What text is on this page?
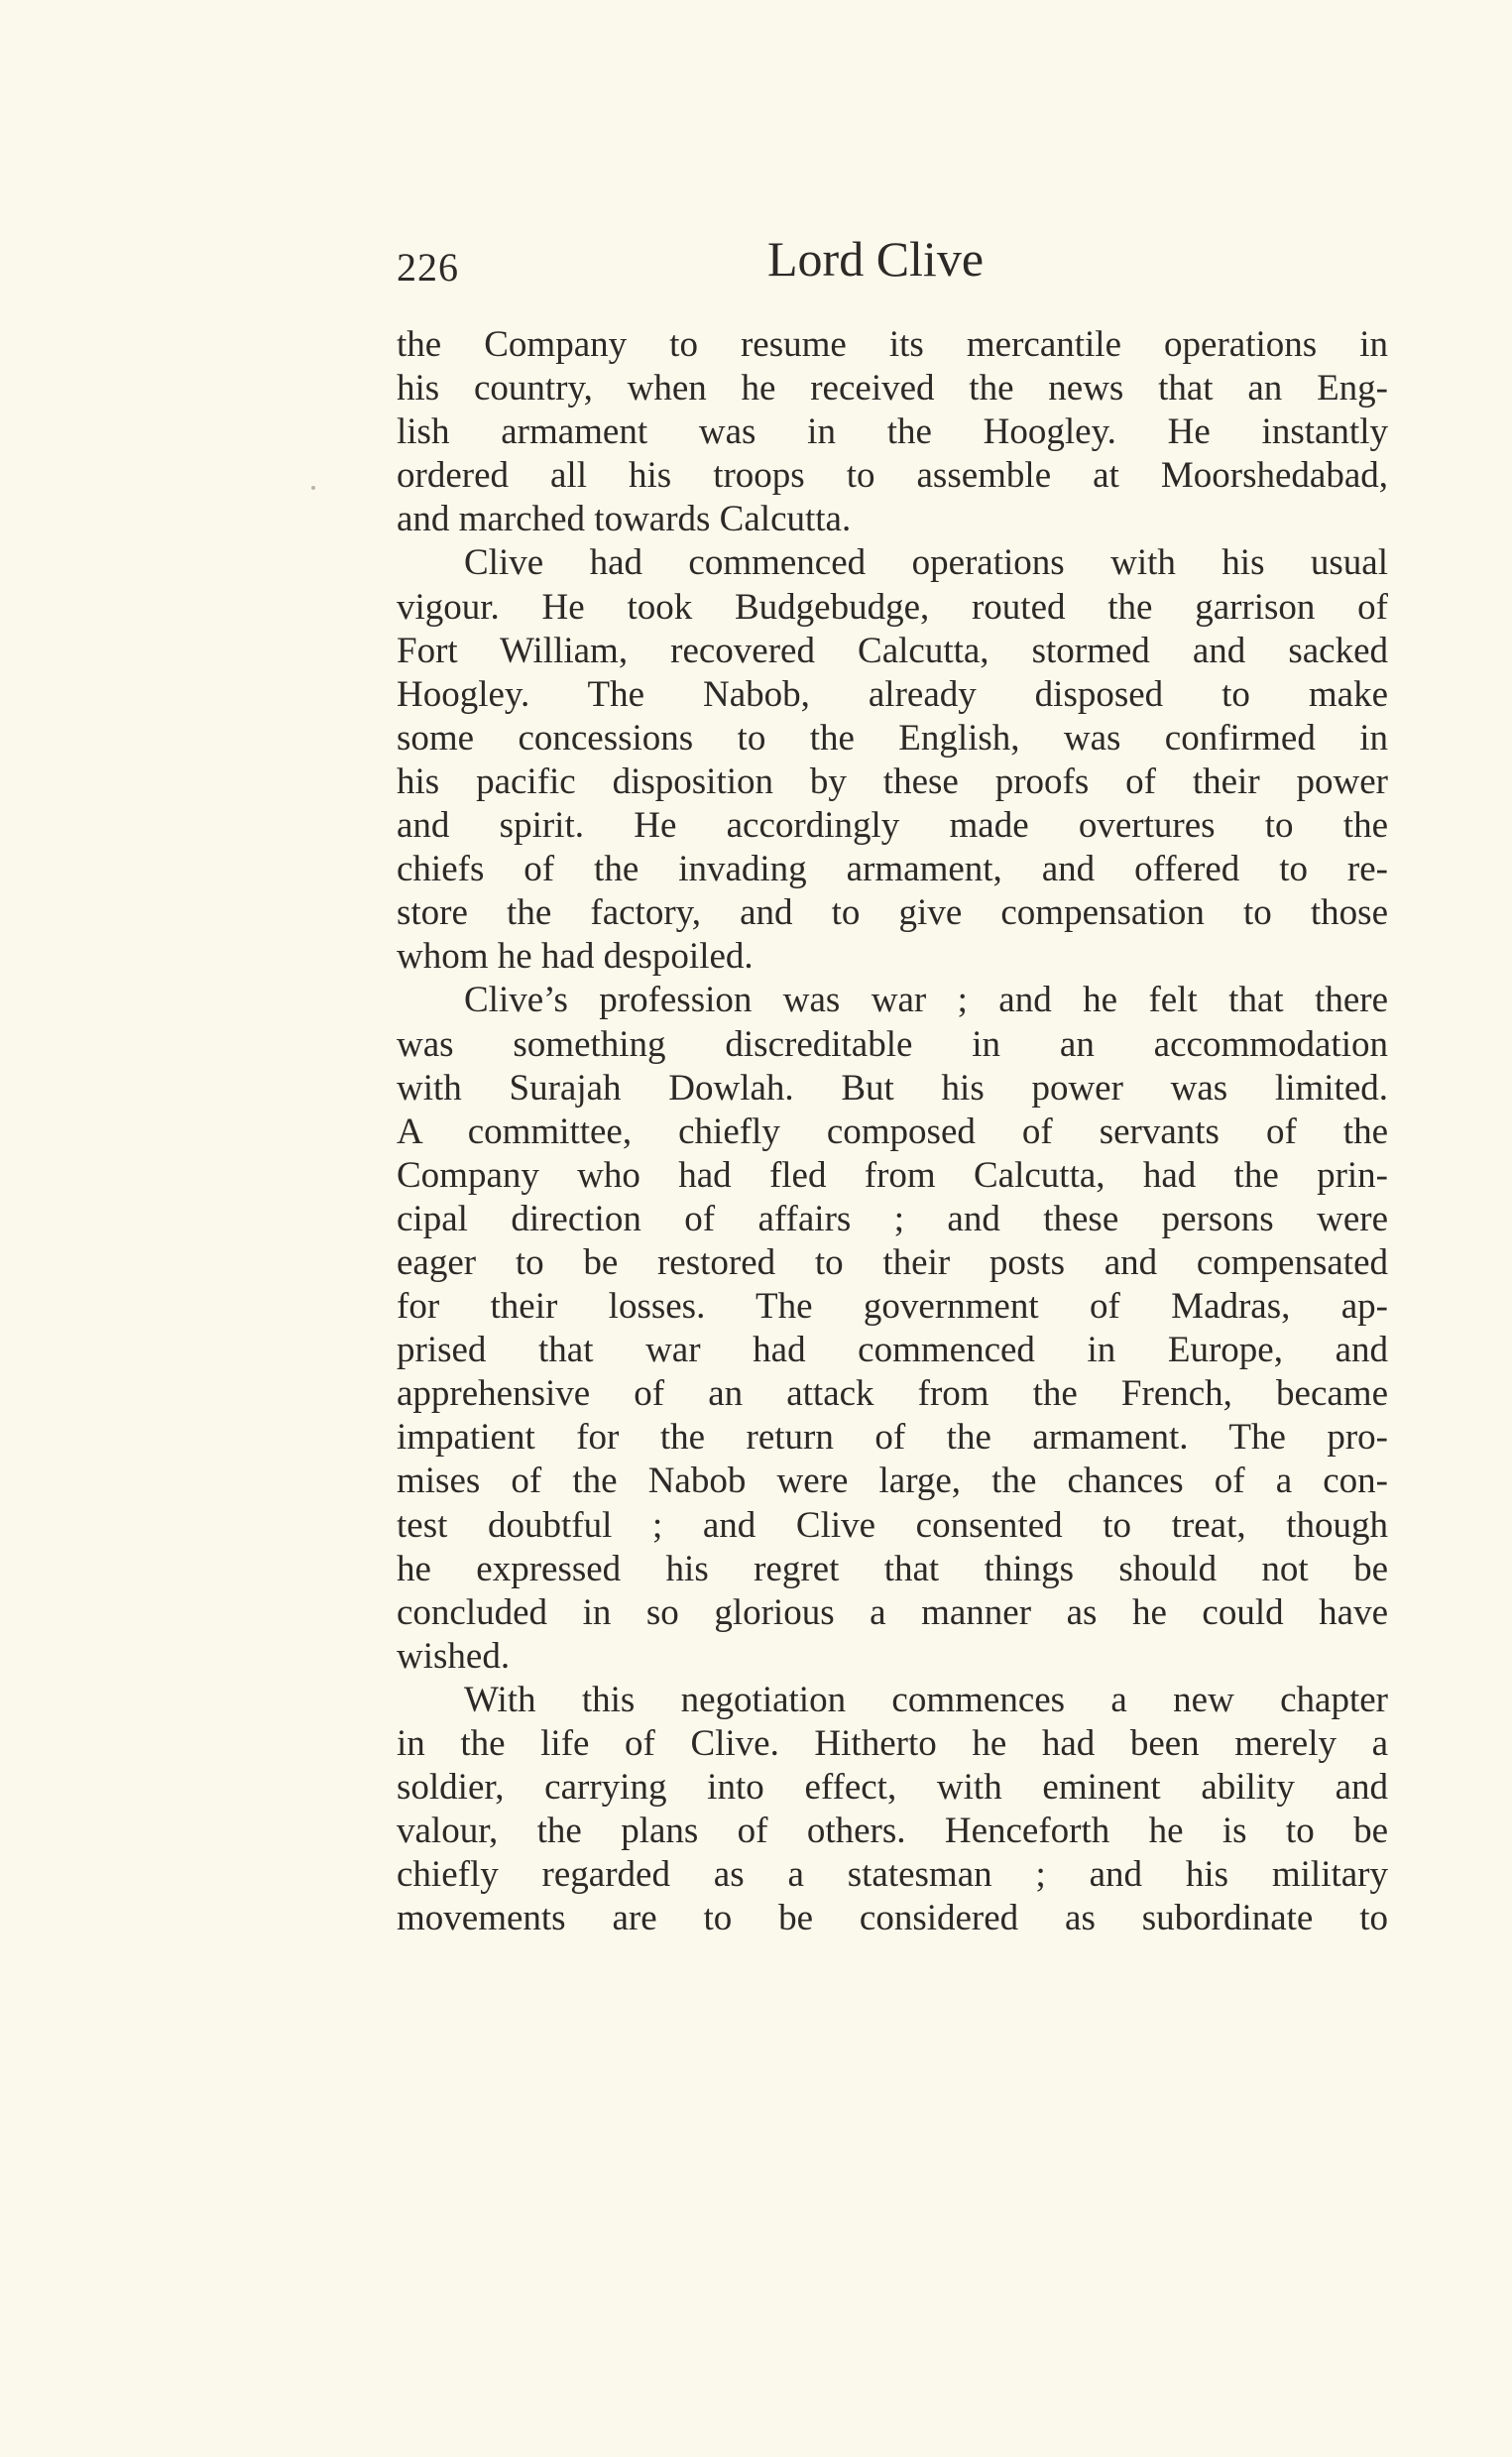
226	Lord Clive
the Company to resume its mercantile operations in
his country, when he received the news that an Eng-
lish armament was in the Hoogley. He instantly
ordered all his troops to assemble at Moorshedabad,
and marched towards Calcutta.
Clive had commenced operations with his usual
vigour. He took Budgebudge, routed the garrison of
Fort William, recovered Calcutta, stormed and sacked
Hoogley. The Nabob, already disposed to make
some concessions to the English, was confirmed in
his pacific disposition by these proofs of their power
and spirit. He accordingly made overtures to the
chiefs of the invading armament, and offered to re-
store the factory, and to give compensation to those
whom he had despoiled.
Clive’s profession was war ; and he felt that there
was something discreditable in an accommodation
with Surajah Dowlah. But his power was limited.
A committee, chiefly composed of servants of the
Company who had fled from Calcutta, had the prin-
cipal direction of affairs ; and these persons were
eager to be restored to their posts and compensated
for their losses. The government of Madras, ap-
prised that war had commenced in Europe, and
apprehensive of an attack from the French, became
impatient for the return of the armament. The pro-
mises of the Nabob were large, the chances of a con-
test doubtful ; and Clive consented to treat, though
he expressed his regret that things should not be
concluded in so glorious a manner as he could have
wished.
With this negotiation commences a new chapter
in the life of Clive. Hitherto he had been merely a
soldier, carrying into effect, with eminent ability and
valour, the plans of others. Henceforth he is to be
chiefly regarded as a statesman ; and his military
movements are to be considered as subordinate to
